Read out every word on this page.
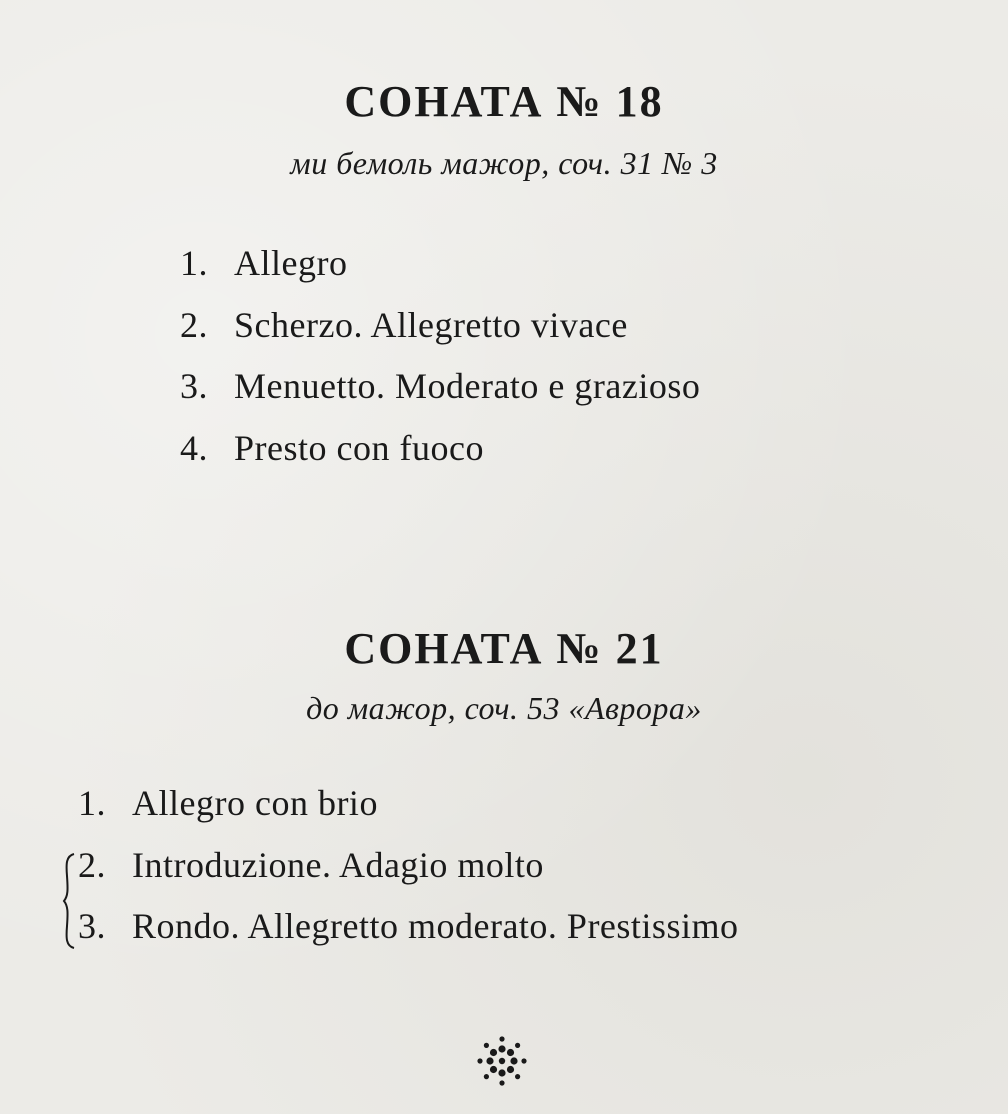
СОНАТА № 18

ми бемоль мажор, соч. 31 № 3

1. Allegro
2. Scherzo. Allegretto vivace
3. Menuetto. Moderato e grazioso
4. Presto con fuoco
СОНАТА № 21

до мажор, соч. 53 «Аврора»

1. Allegro con brio
2. Introduzione. Adagio molto
3. Rondo. Allegretto moderato. Prestissimo
